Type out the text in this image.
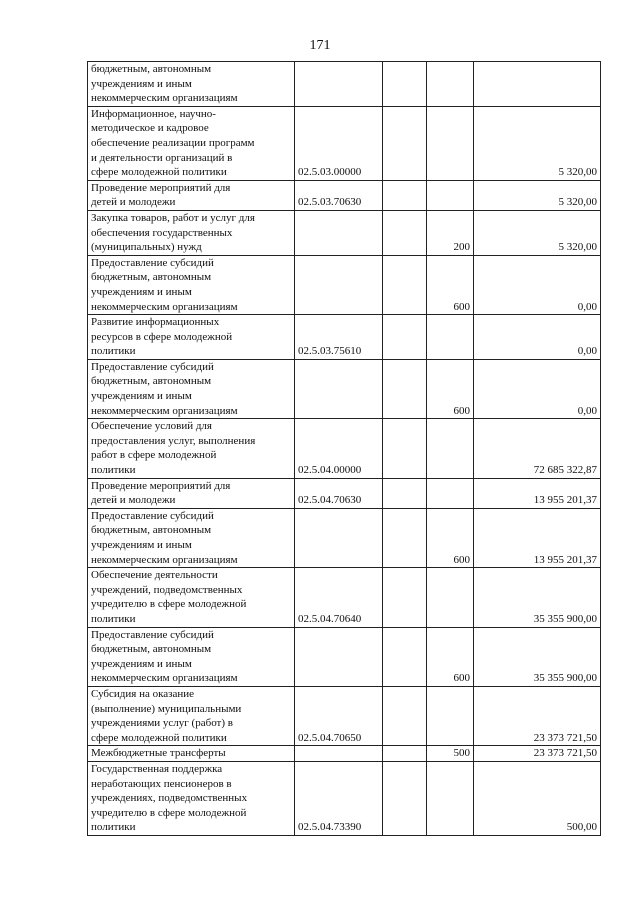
171
бюджетным, автономным
учреждениям и иным
некоммерческим организациям				
Информационное, научно-
методическое и кадровое
обеспечение реализации программ
и деятельности организаций в
сфере молодежной политики	02.5.03.00000			5 320,00
Проведение мероприятий для
детей и молодежи	02.5.03.70630			5 320,00
Закупка товаров, работ и услуг для
обеспечения государственных
(муниципальных) нужд			200	5 320,00
Предоставление субсидий
бюджетным, автономным
учреждениям и иным
некоммерческим организациям			600	0,00
Развитие информационных
ресурсов в сфере молодежной
политики	02.5.03.75610			0,00
Предоставление субсидий
бюджетным, автономным
учреждениям и иным
некоммерческим организациям			600	0,00
Обеспечение условий для
предоставления услуг, выполнения
работ в сфере молодежной
политики	02.5.04.00000			72 685 322,87
Проведение мероприятий для
детей и молодежи	02.5.04.70630			13 955 201,37
Предоставление субсидий
бюджетным, автономным
учреждениям и иным
некоммерческим организациям			600	13 955 201,37
Обеспечение деятельности
учреждений, подведомственных
учредителю в сфере молодежной
политики	02.5.04.70640			35 355 900,00
Предоставление субсидий
бюджетным, автономным
учреждениям и иным
некоммерческим организациям			600	35 355 900,00
Субсидия на оказание
(выполнение) муниципальными
учреждениями услуг (работ) в
сфере молодежной политики	02.5.04.70650			23 373 721,50
Межбюджетные трансферты			500	23 373 721,50
Государственная поддержка
неработающих пенсионеров в
учреждениях, подведомственных
учредителю в сфере молодежной
политики	02.5.04.73390			500,00
